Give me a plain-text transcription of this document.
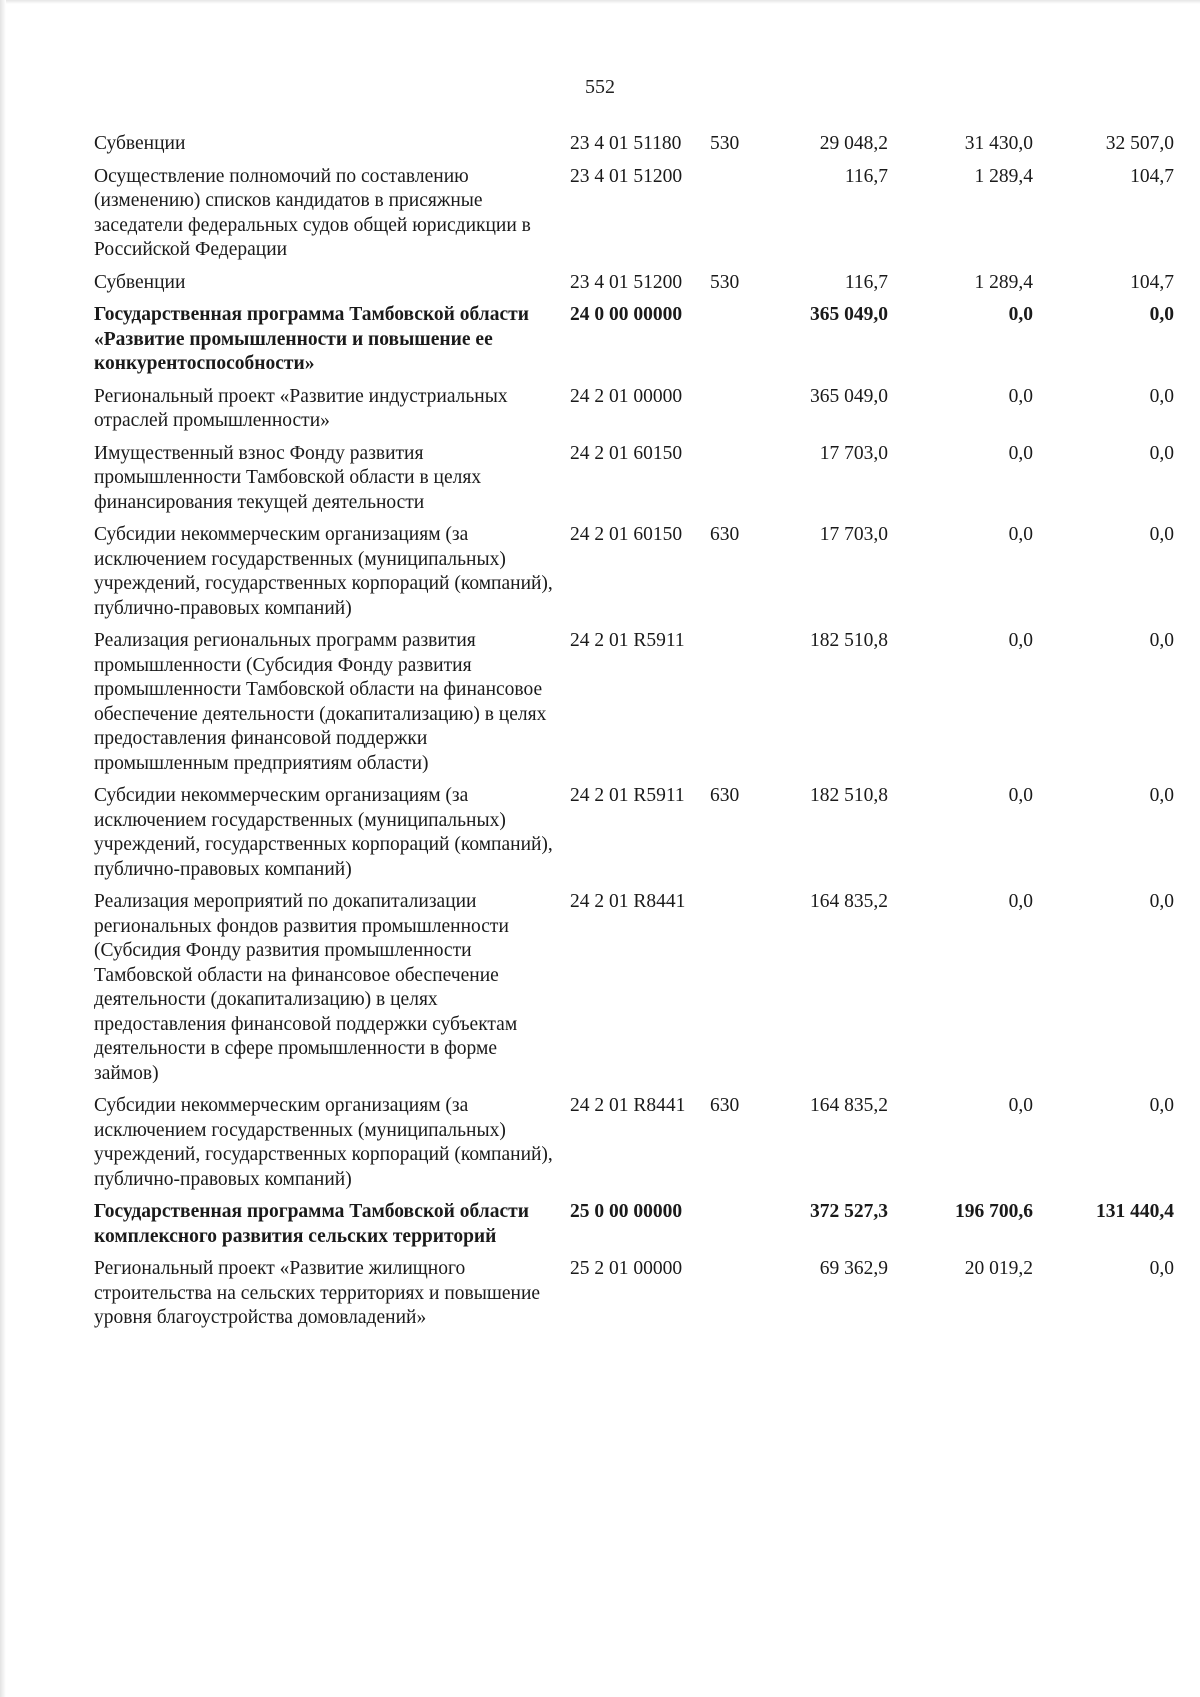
552
Субвенции	23 4 01 51180	530	29 048,2	31 430,0	32 507,0
Осуществление полномочий по составлению (изменению) списков кандидатов в присяжные заседатели федеральных судов общей юрисдикции в Российской Федерации	23 4 01 51200		116,7	1 289,4	104,7
Субвенции	23 4 01 51200	530	116,7	1 289,4	104,7
Государственная программа Тамбовской области «Развитие промышленности и повышение ее конкурентоспособности»	24 0 00 00000		365 049,0	0,0	0,0
Региональный проект «Развитие индустриальных отраслей промышленности»	24 2 01 00000		365 049,0	0,0	0,0
Имущественный взнос Фонду развития промышленности Тамбовской области в целях финансирования текущей деятельности	24 2 01 60150		17 703,0	0,0	0,0
Субсидии некоммерческим организациям (за исключением государственных (муниципальных) учреждений, государственных корпораций (компаний), публично-правовых компаний)	24 2 01 60150	630	17 703,0	0,0	0,0
Реализация региональных программ развития промышленности (Субсидия Фонду развития промышленности Тамбовской области на финансовое обеспечение деятельности (докапитализацию) в целях предоставления финансовой поддержки промышленным предприятиям области)	24 2 01 R5911		182 510,8	0,0	0,0
Субсидии некоммерческим организациям (за исключением государственных (муниципальных) учреждений, государственных корпораций (компаний), публично-правовых компаний)	24 2 01 R5911	630	182 510,8	0,0	0,0
Реализация мероприятий по докапитализации региональных фондов развития промышленности (Субсидия Фонду развития промышленности Тамбовской области на финансовое обеспечение деятельности (докапитализацию) в целях предоставления финансовой поддержки субъектам деятельности в сфере промышленности в форме займов)	24 2 01 R8441		164 835,2	0,0	0,0
Субсидии некоммерческим организациям (за исключением государственных (муниципальных) учреждений, государственных корпораций (компаний), публично-правовых компаний)	24 2 01 R8441	630	164 835,2	0,0	0,0
Государственная программа Тамбовской области комплексного развития сельских территорий	25 0 00 00000		372 527,3	196 700,6	131 440,4
Региональный проект «Развитие жилищного строительства на сельских территориях и повышение уровня благоустройства домовладений»	25 2 01 00000		69 362,9	20 019,2	0,0
